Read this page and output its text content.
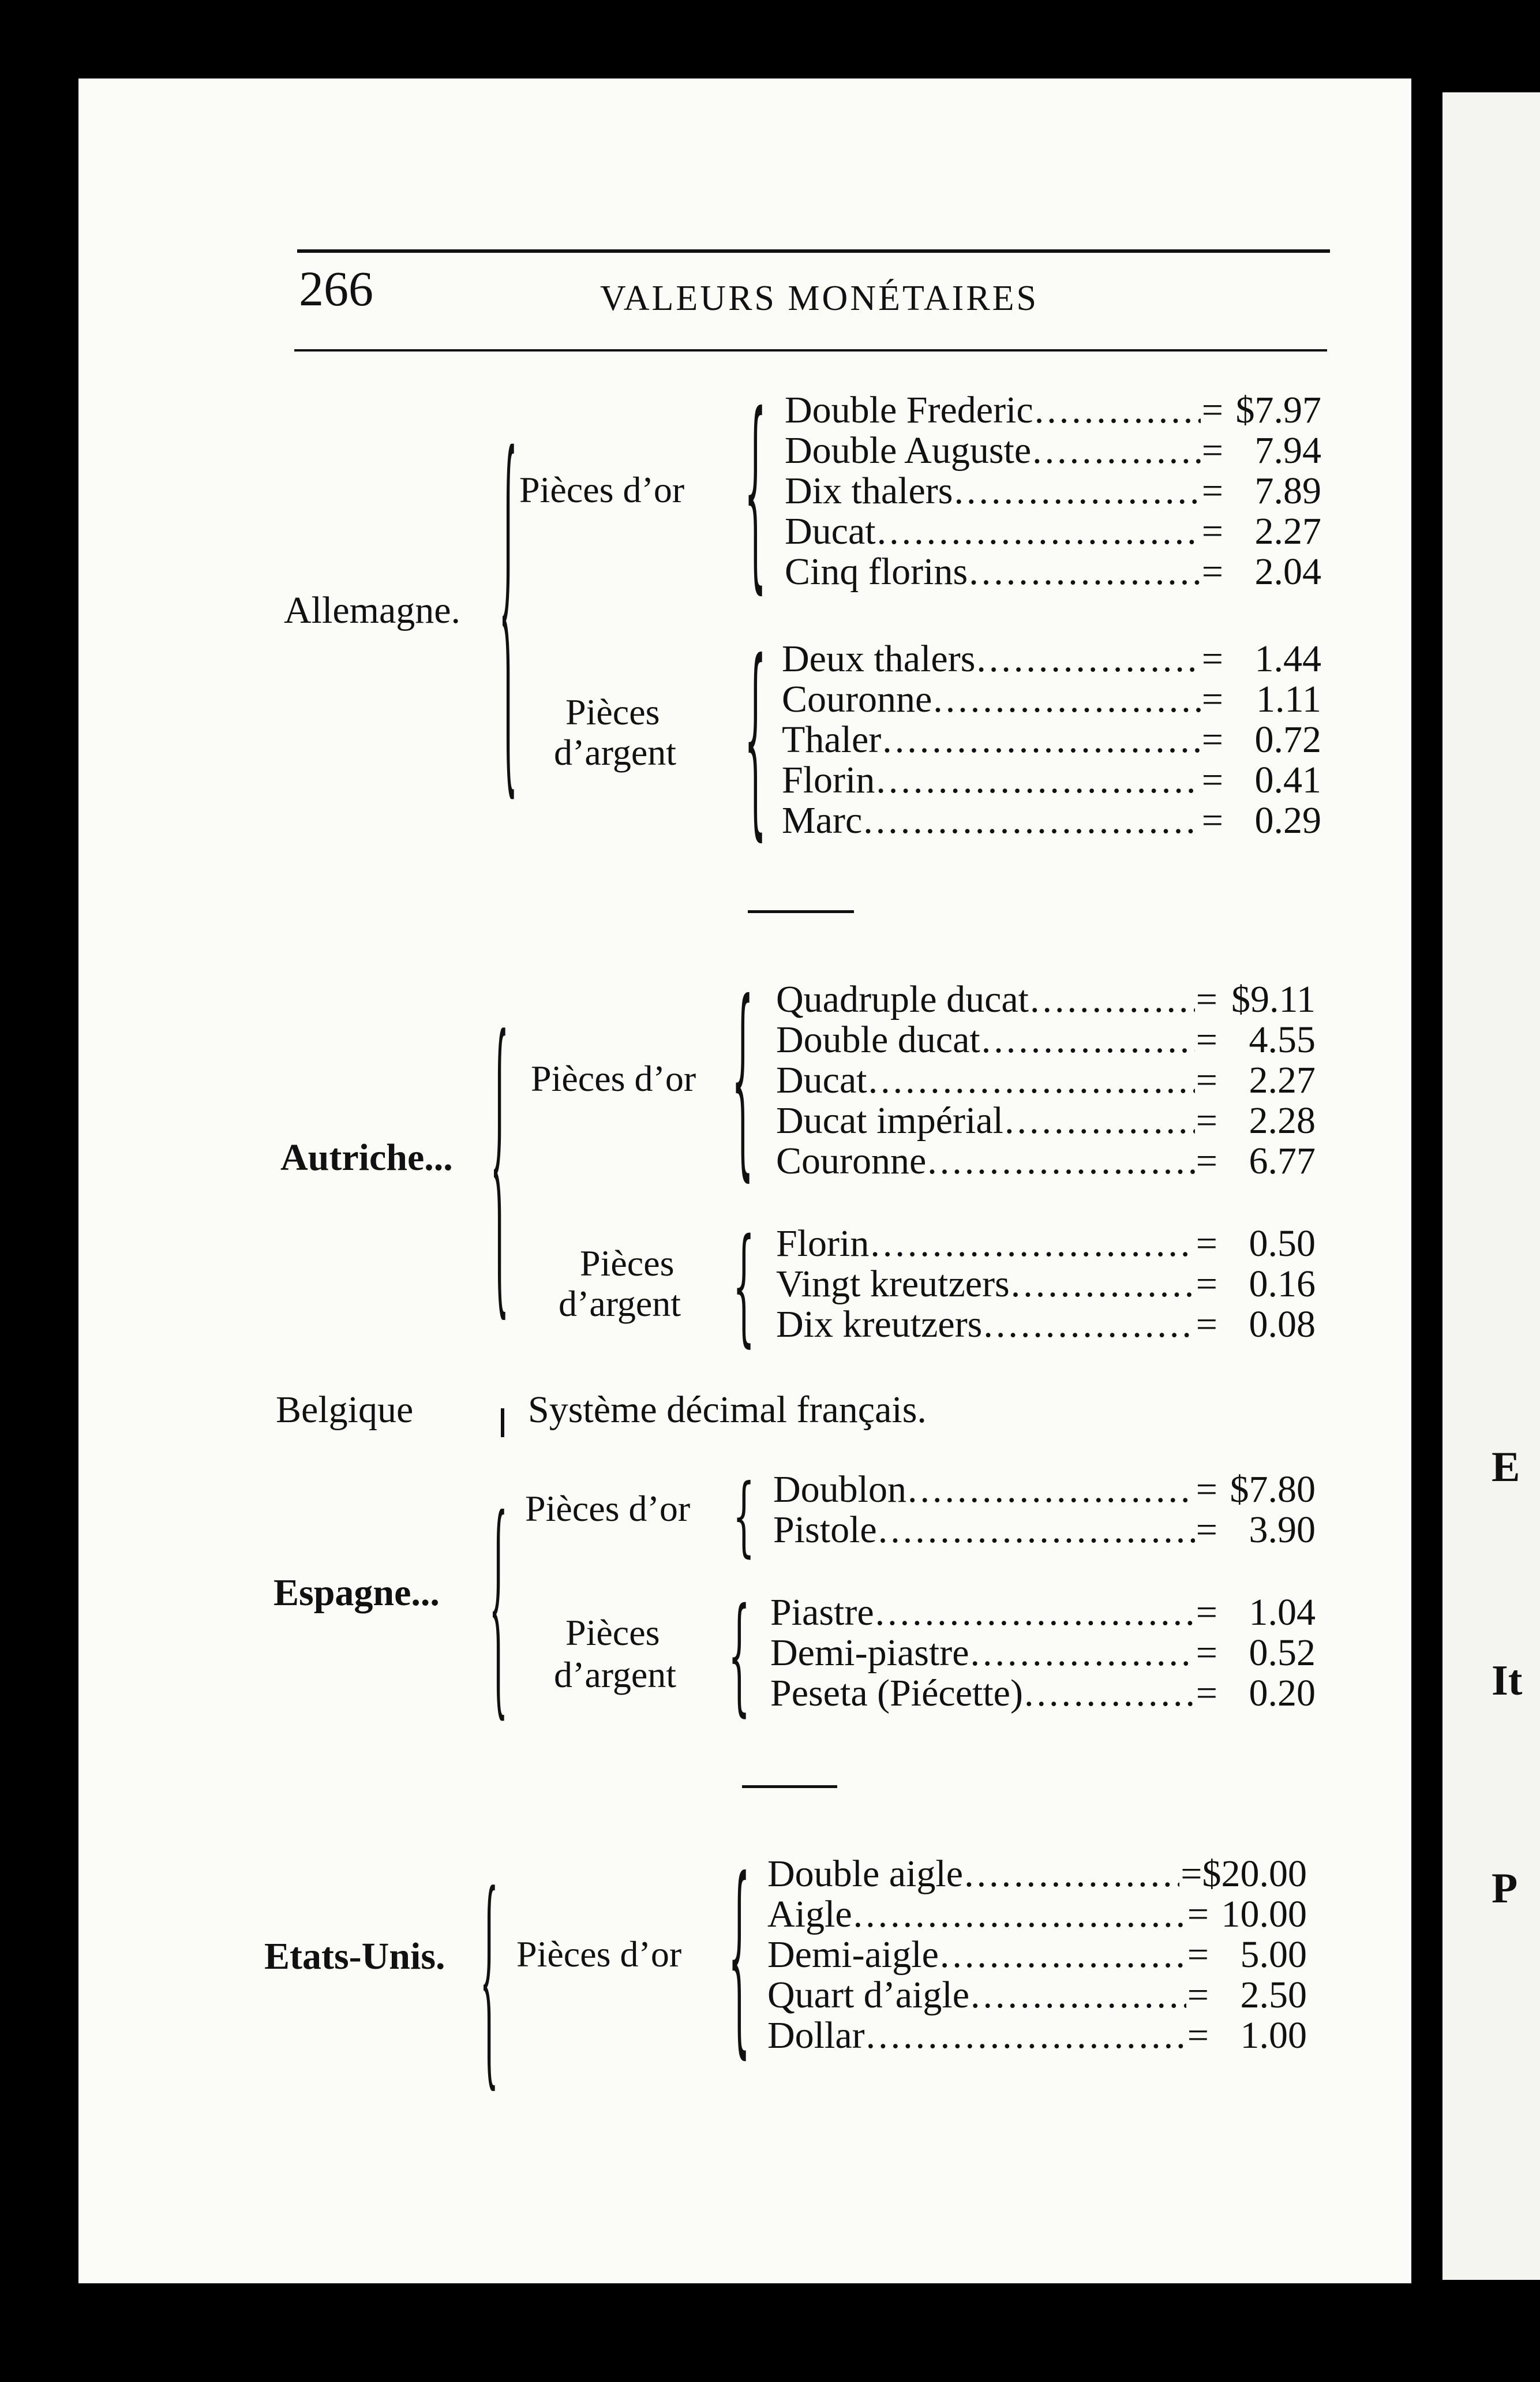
E
It
P
266	VALEURS MONÉTAIRES
Allemagne. { Pièces d’or { Double Frederic .....	= $7.97
Double Auguste .....	= 7.94
Dix thalers .....	= 7.89
Ducat .....	= 2.27
Cinq florins .....	= 2.04
Pièces
d’argent { Deux thalers .....	= 1.44
Couronne .....	= 1.11
Thaler .....	= 0.72
Florin .....	= 0.41
Marc .....	= 0.29
Autriche... { Pièces d’or { Quadruple ducat .....	= $9.11
Double ducat .....	= 4.55
Ducat .....	= 2.27
Ducat impérial .....	= 2.28
Couronne .....	= 6.77
Pièces
d’argent { Florin .....	= 0.50
Vingt kreutzers .....	= 0.16
Dix kreutzers .....	= 0.08
Belgique	Système décimal français.
Espagne... { Pièces d’or { Doublon .....	= $7.80
Pistole .....	= 3.90
Pièces
d’argent { Piastre .....	= 1.04
Demi-piastre .....	= 0.52
Peseta (Piécette) .....	= 0.20
Etats-Unis. { Pièces d’or { Double aigle .....	= $20.00
Aigle .....	= 10.00
Demi-aigle .....	= 5.00
Quart d’aigle .....	= 2.50
Dollar .....	= 1.00
